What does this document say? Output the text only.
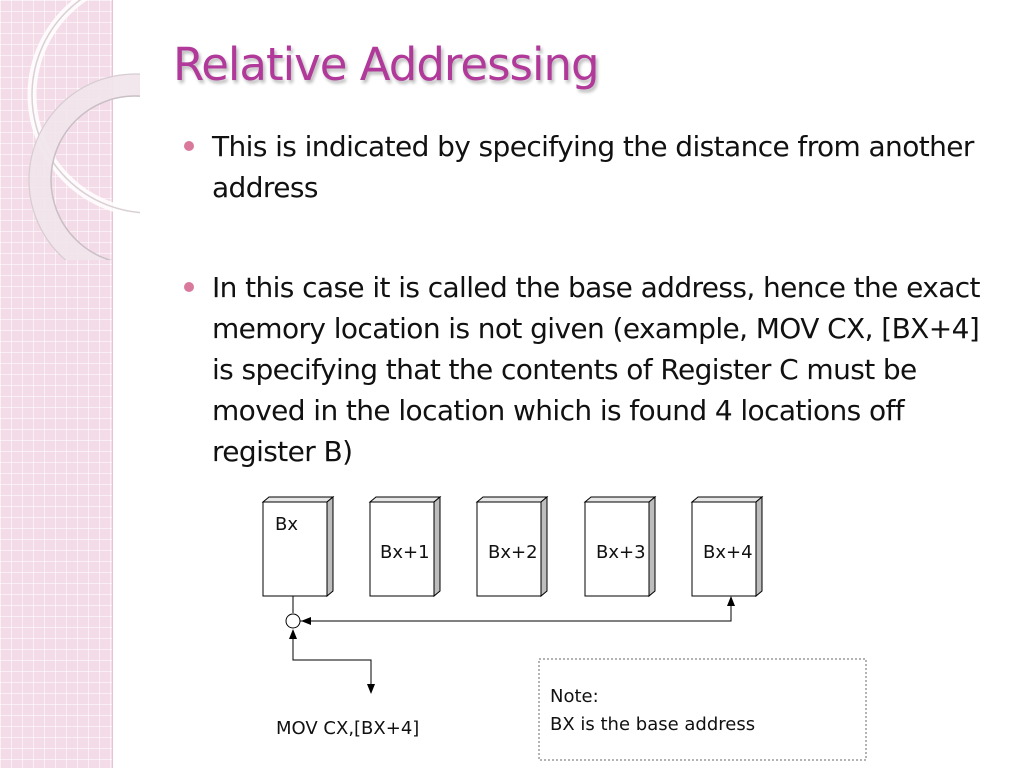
Relative Addressing
This is indicated by specifying the distance from another address
In this case it is called the base address, hence the exact memory location is not given (example, MOV CX, [BX+4] is specifying that the contents of Register C must be moved in the location which is found 4 locations off register B)
Bx
Bx+1	Bx+2	Bx+3	Bx+4
MOV CX,[BX+4]
Note:
BX is the base address
